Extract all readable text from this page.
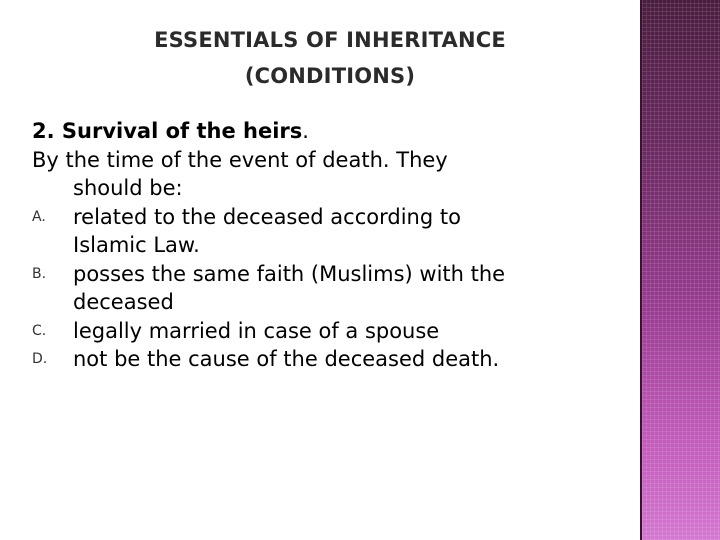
ESSENTIALS OF INHERITANCE
(CONDITIONS)
2. Survival of the heirs.
By the time of the event of death. They
should be:
A. related to the deceased according to
Islamic Law.
B. posses the same faith (Muslims) with the
deceased
C. legally married in case of a spouse
D. not be the cause of the deceased death.
